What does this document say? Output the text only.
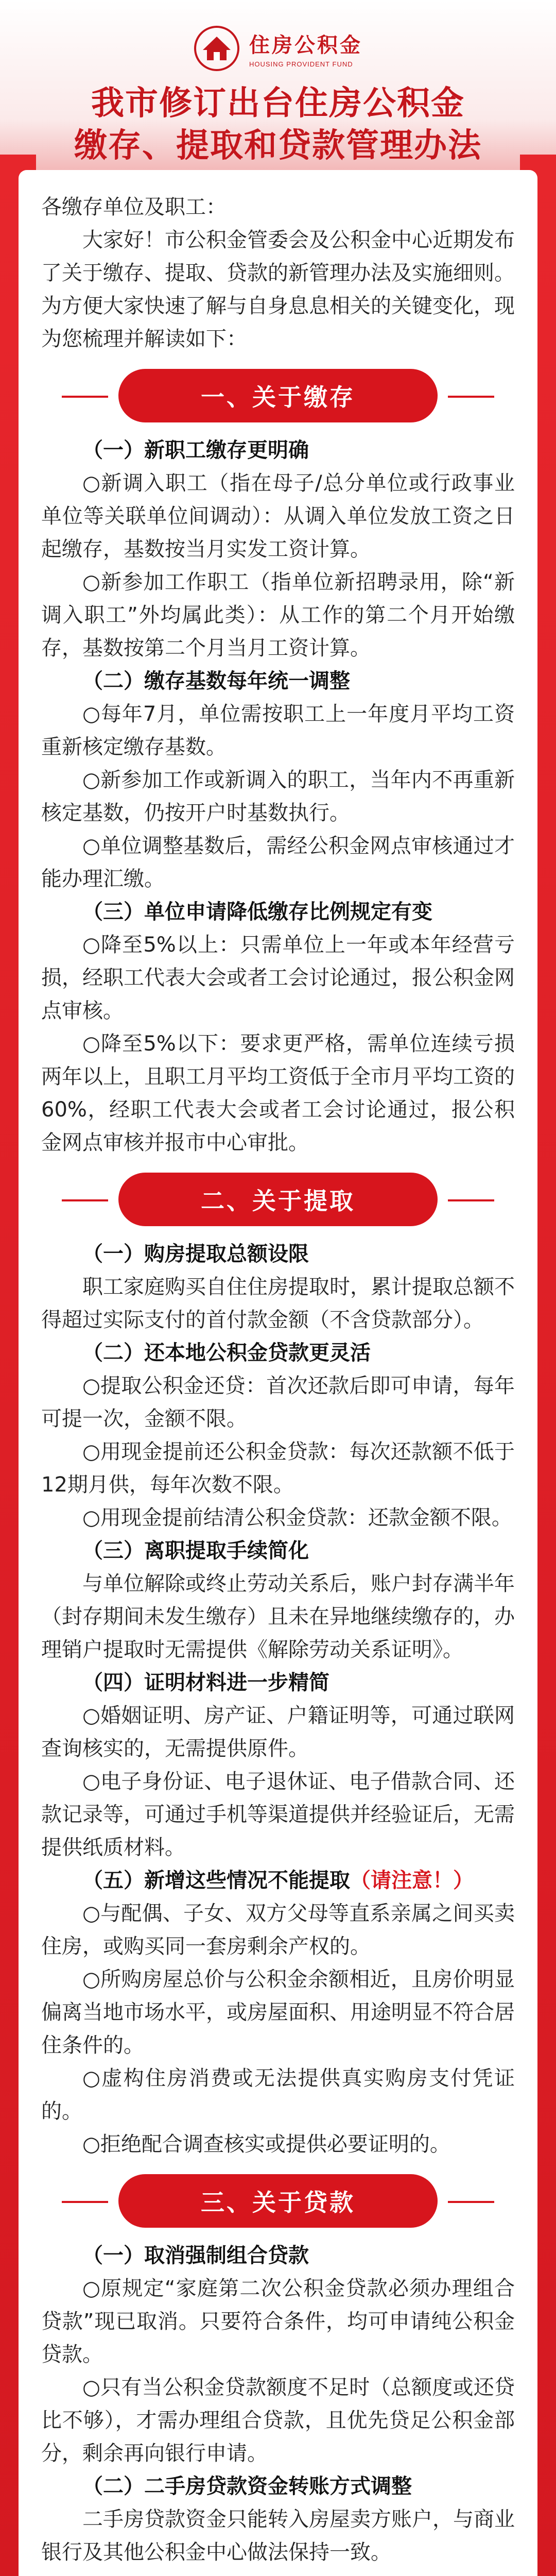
住房公积金
HOUSING PROVIDENT FUND
我市修订出台住房公积金
缴存、提取和贷款管理办法

各缴存单位及职工：

大家好！市公积金管委会及公积金中心近期发布了关于缴存、提取、贷款的新管理办法及实施细则。为方便大家快速了解与自身息息相关的关键变化，现为您梳理并解读如下：

一、关于缴存

（一）新职工缴存更明确

○新调入职工（指在母子/总分单位或行政事业单位等关联单位间调动）：从调入单位发放工资之日起缴存，基数按当月实发工资计算。

○新参加工作职工（指单位新招聘录用，除“新调入职工”外均属此类）：从工作的第二个月开始缴存，基数按第二个月当月工资计算。

（二）缴存基数每年统一调整

○每年7月，单位需按职工上一年度月平均工资重新核定缴存基数。

○新参加工作或新调入的职工，当年内不再重新核定基数，仍按开户时基数执行。

○单位调整基数后，需经公积金网点审核通过才能办理汇缴。

（三）单位申请降低缴存比例规定有变

○降至5%以上：只需单位上一年或本年经营亏损，经职工代表大会或者工会讨论通过，报公积金网点审核。

○降至5%以下：要求更严格，需单位连续亏损两年以上，且职工月平均工资低于全市月平均工资的60%，经职工代表大会或者工会讨论通过，报公积金网点审核并报市中心审批。

二、关于提取

（一）购房提取总额设限

职工家庭购买自住住房提取时，累计提取总额不得超过实际支付的首付款金额（不含贷款部分）。

（二）还本地公积金贷款更灵活

○提取公积金还贷：首次还款后即可申请，每年可提一次，金额不限。

○用现金提前还公积金贷款：每次还款额不低于12期月供，每年次数不限。

○用现金提前结清公积金贷款：还款金额不限。

（三）离职提取手续简化

与单位解除或终止劳动关系后，账户封存满半年（封存期间未发生缴存）且未在异地继续缴存的，办理销户提取时无需提供《解除劳动关系证明》。

（四）证明材料进一步精简

○婚姻证明、房产证、户籍证明等，可通过联网查询核实的，无需提供原件。

○电子身份证、电子退休证、电子借款合同、还款记录等，可通过手机等渠道提供并经验证后，无需提供纸质材料。

（五）新增这些情况不能提取（请注意！）

○与配偶、子女、双方父母等直系亲属之间买卖住房，或购买同一套房剩余产权的。

○所购房屋总价与公积金余额相近，且房价明显偏离当地市场水平，或房屋面积、用途明显不符合居住条件的。

○虚构住房消费或无法提供真实购房支付凭证的。

○拒绝配合调查核实或提供必要证明的。

三、关于贷款

（一）取消强制组合贷款

○原规定“家庭第二次公积金贷款必须办理组合贷款”现已取消。只要符合条件，均可申请纯公积金贷款。

○只有当公积金贷款额度不足时（总额度或还贷比不够），才需办理组合贷款，且优先贷足公积金部分，剩余再向银行申请。

（二）二手房贷款资金转账方式调整

二手房贷款资金只能转入房屋卖方账户，与商业银行及其他公积金中心做法保持一致。
